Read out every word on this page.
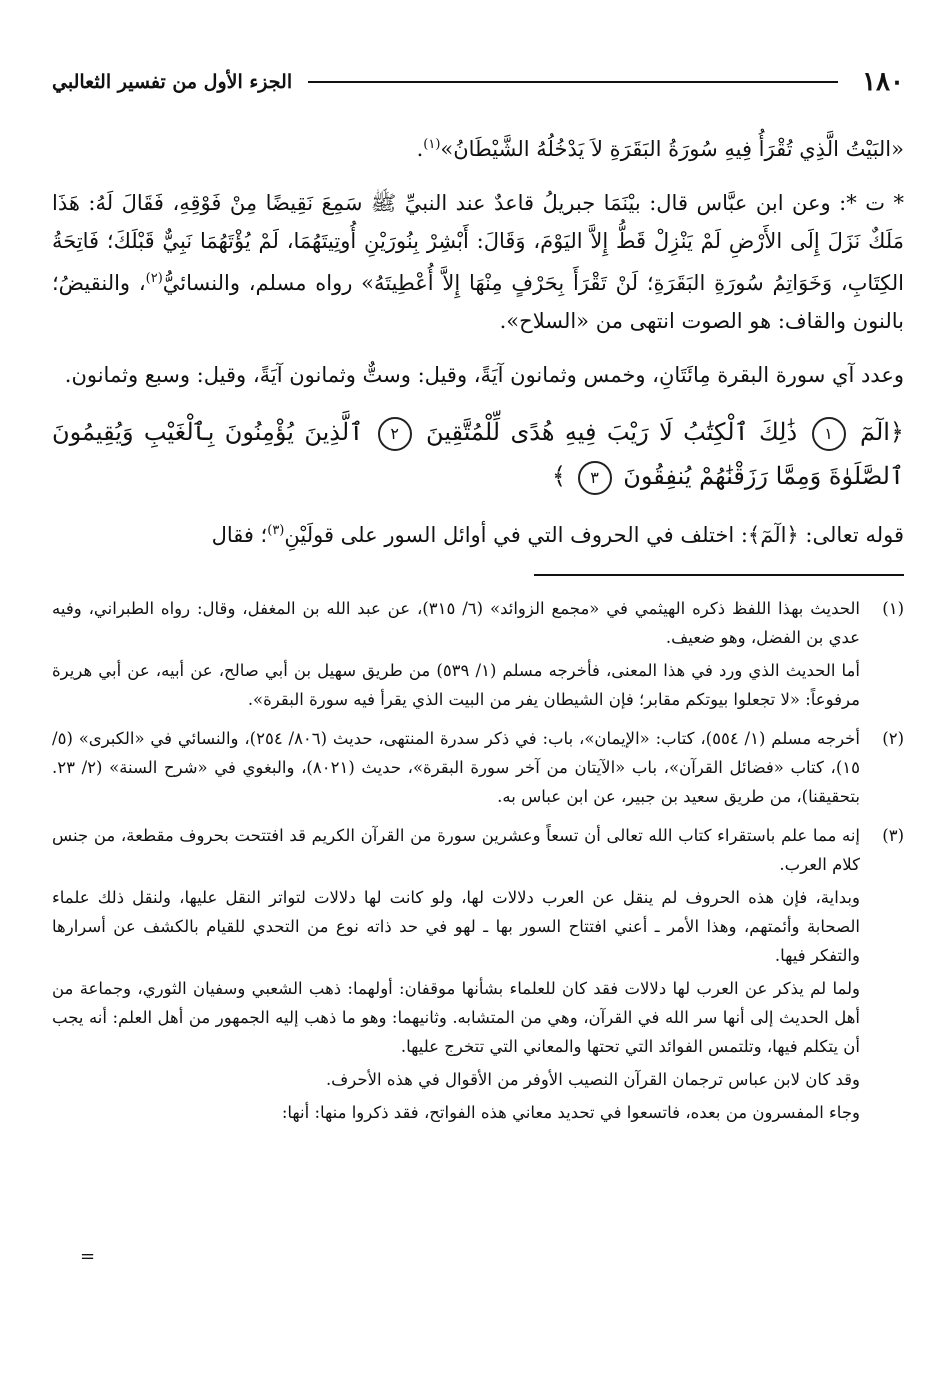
١٨٠
الجزء الأول من تفسير الثعالبي

«البَيْتُ الَّذِي تُقْرَأُ فِيهِ سُورَةُ البَقَرَةِ لاَ يَدْخُلُهُ الشَّيْطَانُ»$^{(١)}$.

* ت *: وعن ابن عبَّاس قال: بيْنَمَا جبريلُ قاعدٌ عند النبيِّ ﷺ سَمِعَ نَقِيضًا مِنْ فَوْقِهِ، فَقَالَ لَهُ: هَذَا مَلَكٌ نَزَلَ إِلَى الأَرْضِ لَمْ يَنْزِلْ قَطُّ إِلاَّ اليَوْمَ، وَقَالَ: أَبْشِرْ بِنُورَيْنِ أُوتِيتَهُمَا، لَمْ يُؤْتَهُمَا نَبِيٌّ قَبْلَكَ؛ فَاتِحَةُ الكِتَابِ، وَخَوَاتِمُ سُورَةِ البَقَرَةِ؛ لَنْ تَقْرَأَ بِحَرْفٍ مِنْهَا إِلاَّ أُعْطِيتَهُ» رواه مسلم، والنسائيُّ$^{(٢)}$، والنقيضُ؛ بالنون والقاف: هو الصوت انتهى من «السلاح».

وعدد آي سورة البقرة مِائَتَانِ، وخمس وثمانون آيَةً، وقيل: وستٌّ وثمانون آيَةً، وقيل: وسبع وثمانون.

﴿الٓمٓ ١ ذَٰلِكَ ٱلْكِتَٰبُ لَا رَيْبَ فِيهِ هُدًى لِّلْمُتَّقِينَ ٢ ٱلَّذِينَ يُؤْمِنُونَ بِٱلْغَيْبِ وَيُقِيمُونَ ٱلصَّلَوٰةَ وَمِمَّا رَزَقْنَٰهُمْ يُنفِقُونَ ٣ ﴾

قوله تعالى: ﴿الٓمٓ﴾: اختلف في الحروف التي في أوائل السور على قولَيْنِ$^{(٣)}$؛ فقال

(١)

الحديث بهذا اللفظ ذكره الهيثمي في «مجمع الزوائد» (٦/ ٣١٥)، عن عبد الله بن المغفل، وقال: رواه الطبراني، وفيه عدي بن الفضل، وهو ضعيف.

أما الحديث الذي ورد في هذا المعنى، فأخرجه مسلم (١/ ٥٣٩) من طريق سهيل بن أبي صالح، عن أبيه، عن أبي هريرة مرفوعاً: «لا تجعلوا بيوتكم مقابر؛ فإن الشيطان يفر من البيت الذي يقرأ فيه سورة البقرة».

(٢)

أخرجه مسلم (١/ ٥٥٤)، كتاب: «الإيمان»، باب: في ذكر سدرة المنتهى، حديث (٨٠٦/ ٢٥٤)، والنسائي في «الكبرى» (٥/ ١٥)، كتاب «فضائل القرآن»، باب «الآيتان من آخر سورة البقرة»، حديث (٨٠٢١)، والبغوي في «شرح السنة» (٢/ ٢٣. بتحقيقنا)، من طريق سعيد بن جبير، عن ابن عباس به.

(٣)

إنه مما علم باستقراء كتاب الله تعالى أن تسعاً وعشرين سورة من القرآن الكريم قد افتتحت بحروف مقطعة، من جنس كلام العرب.

وبداية، فإن هذه الحروف لم ينقل عن العرب دلالات لها، ولو كانت لها دلالات لتواتر النقل عليها، ولنقل ذلك علماء الصحابة وأئمتهم، وهذا الأمر ـ أعني افتتاح السور بها ـ لهو في حد ذاته نوع من التحدي للقيام بالكشف عن أسرارها والتفكر فيها.

ولما لم يذكر عن العرب لها دلالات فقد كان للعلماء بشأنها موقفان: أولهما: ذهب الشعبي وسفيان الثوري، وجماعة من أهل الحديث إلى أنها سر الله في القرآن، وهي من المتشابه. وثانيهما: وهو ما ذهب إليه الجمهور من أهل العلم: أنه يجب أن يتكلم فيها، وتلتمس الفوائد التي تحتها والمعاني التي تتخرج عليها.

وقد كان لابن عباس ترجمان القرآن النصيب الأوفر من الأقوال في هذه الأحرف.

وجاء المفسرون من بعده، فاتسعوا في تحديد معاني هذه الفواتح، فقد ذكروا منها: أنها:

=
